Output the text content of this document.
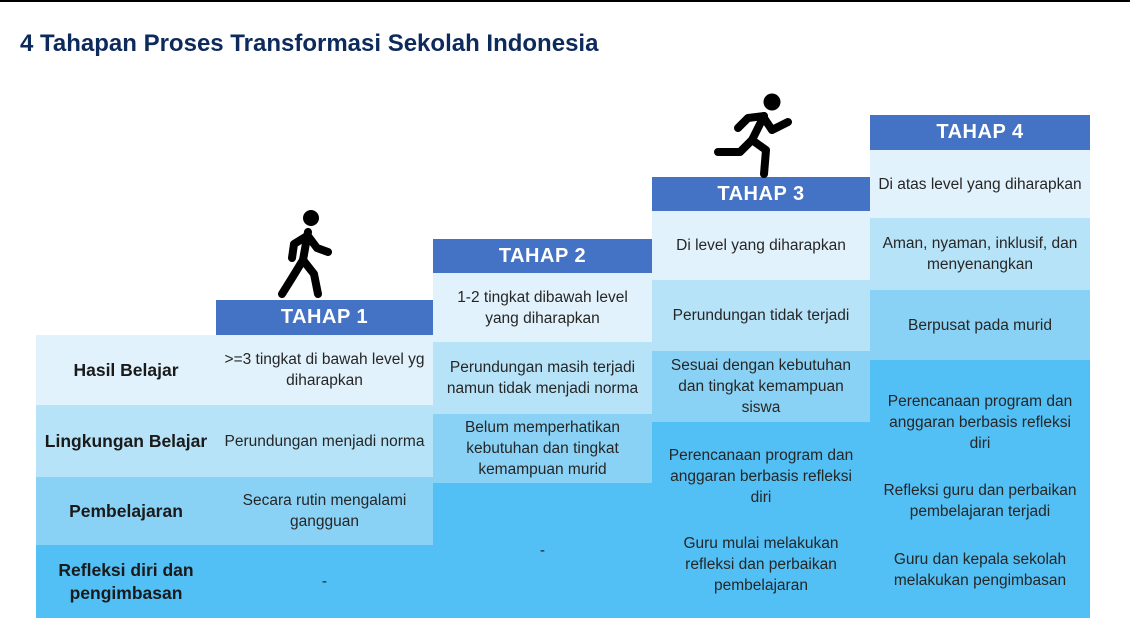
4 Tahapan Proses Transformasi Sekolah Indonesia
Hasil Belajar
Lingkungan Belajar
Pembelajaran
Refleksi diri dan pengimbasan
TAHAP 1
>=3 tingkat di bawah level yg diharapkan
Perundungan menjadi norma
Secara rutin mengalami gangguan
-
TAHAP 2
1-2 tingkat dibawah level yang diharapkan
Perundungan masih terjadi namun tidak menjadi norma
Belum memperhatikan kebutuhan dan tingkat kemampuan murid
-
TAHAP 3
Di level yang diharapkan
Perundungan tidak terjadi
Sesuai dengan kebutuhan dan tingkat kemampuan siswa
Perencanaan program dan anggaran berbasis refleksi diri
Guru mulai melakukan refleksi dan perbaikan pembelajaran
TAHAP 4
Di atas level yang diharapkan
Aman, nyaman, inklusif, dan menyenangkan
Berpusat pada murid
Perencanaan program dan anggaran berbasis refleksi diri
Refleksi guru dan perbaikan pembelajaran terjadi
Guru dan kepala sekolah melakukan pengimbasan
